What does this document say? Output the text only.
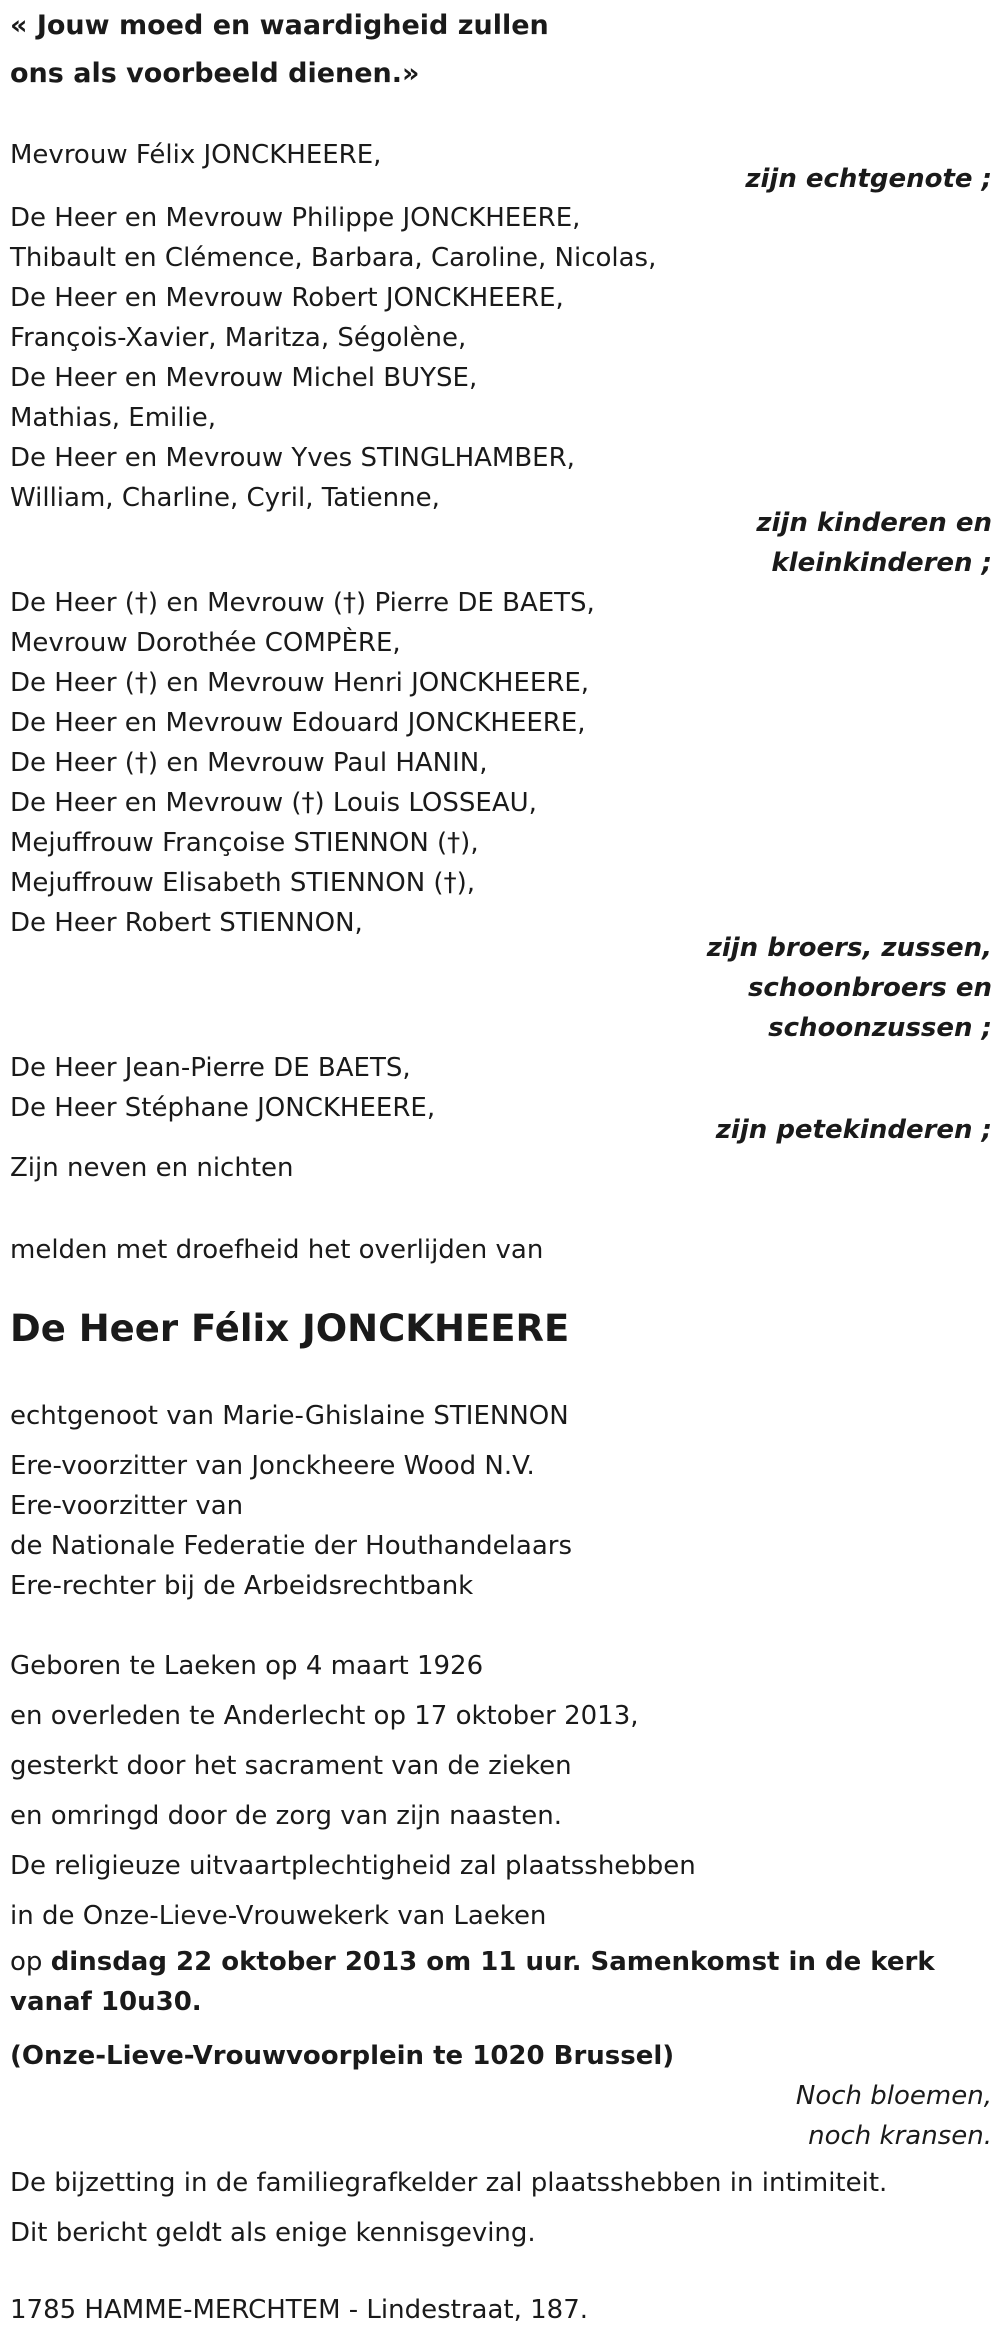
« Jouw moed en waardigheid zullen
ons als voorbeeld dienen.»
Mevrouw Félix JONCKHEERE,
zijn echtgenote ;
De Heer en Mevrouw Philippe JONCKHEERE,
Thibault en Clémence, Barbara, Caroline, Nicolas,
De Heer en Mevrouw Robert JONCKHEERE,
François-Xavier, Maritza, Ségolène,
De Heer en Mevrouw Michel BUYSE,
Mathias, Emilie,
De Heer en Mevrouw Yves STINGLHAMBER,
William, Charline, Cyril, Tatienne,
zijn kinderen en
kleinkinderen ;
De Heer (†) en Mevrouw (†) Pierre DE BAETS,
Mevrouw Dorothée COMPÈRE,
De Heer (†) en Mevrouw Henri JONCKHEERE,
De Heer en Mevrouw Edouard JONCKHEERE,
De Heer (†) en Mevrouw Paul HANIN,
De Heer en Mevrouw (†) Louis LOSSEAU,
Mejuffrouw Françoise STIENNON (†),
Mejuffrouw Elisabeth STIENNON (†),
De Heer Robert STIENNON,
zijn broers, zussen,
schoonbroers en
schoonzussen ;
De Heer Jean-Pierre DE BAETS,
De Heer Stéphane JONCKHEERE,
zijn petekinderen ;
Zijn neven en nichten
melden met droefheid het overlijden van
De Heer Félix JONCKHEERE
echtgenoot van Marie-Ghislaine STIENNON
Ere-voorzitter van Jonckheere Wood N.V.
Ere-voorzitter van
de Nationale Federatie der Houthandelaars
Ere-rechter bij de Arbeidsrechtbank
Geboren te Laeken op 4 maart 1926
en overleden te Anderlecht op 17 oktober 2013,
gesterkt door het sacrament van de zieken
en omringd door de zorg van zijn naasten.
De religieuze uitvaartplechtigheid zal plaatsshebben
in de Onze-Lieve-Vrouwekerk van Laeken
op dinsdag 22 oktober 2013 om 11 uur. Samenkomst in de kerk vanaf 10u30.
(Onze-Lieve-Vrouwvoorplein te 1020 Brussel)
Noch bloemen,
noch kransen.
De bijzetting in de familiegrafkelder zal plaatsshebben in intimiteit.
Dit bericht geldt als enige kennisgeving.
1785 HAMME-MERCHTEM - Lindestraat, 187.
